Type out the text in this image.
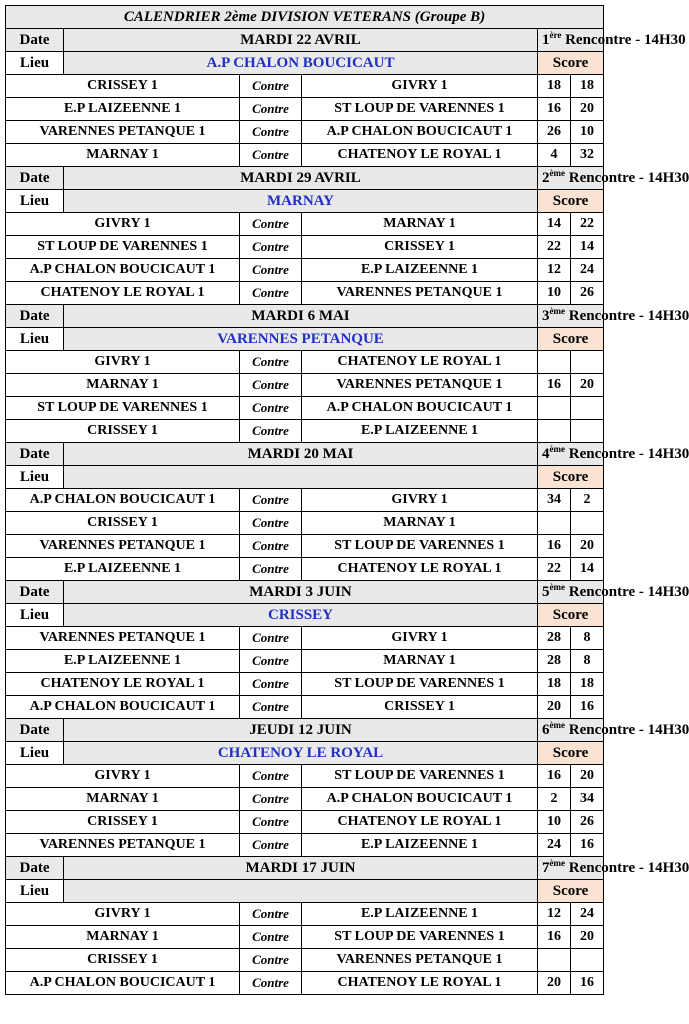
CALENDRIER 2ème DIVISION VETERANS (Groupe B)					
Date	MARDI 22 AVRIL			1ère Rencontre - 14H30	
Lieu	A.P CHALON BOUCICAUT			Score	
CRISSEY 1		Contre	GIVRY 1	18	18
E.P LAIZEENNE 1		Contre	ST LOUP DE VARENNES 1	16	20
VARENNES PETANQUE 1		Contre	A.P CHALON BOUCICAUT 1	26	10
MARNAY 1		Contre	CHATENOY LE ROYAL 1	4	32
Date	MARDI 29 AVRIL			2ème Rencontre - 14H30	
Lieu	MARNAY			Score	
GIVRY 1		Contre	MARNAY 1	14	22
ST LOUP DE VARENNES 1		Contre	CRISSEY 1	22	14
A.P CHALON BOUCICAUT 1		Contre	E.P LAIZEENNE 1	12	24
CHATENOY LE ROYAL 1		Contre	VARENNES PETANQUE 1	10	26
Date	MARDI 6 MAI			3ème Rencontre - 14H30	
Lieu	VARENNES PETANQUE			Score	
GIVRY 1		Contre	CHATENOY LE ROYAL 1		
MARNAY 1		Contre	VARENNES PETANQUE 1	16	20
ST LOUP DE VARENNES 1		Contre	A.P CHALON BOUCICAUT 1		
CRISSEY 1		Contre	E.P LAIZEENNE 1		
Date	MARDI 20 MAI			4ème Rencontre - 14H30	
Lieu				Score	
A.P CHALON BOUCICAUT 1		Contre	GIVRY 1	34	2
CRISSEY 1		Contre	MARNAY 1		
VARENNES PETANQUE 1		Contre	ST LOUP DE VARENNES 1	16	20
E.P LAIZEENNE 1		Contre	CHATENOY LE ROYAL 1	22	14
Date	MARDI 3 JUIN			5ème Rencontre - 14H30	
Lieu	CRISSEY			Score	
VARENNES PETANQUE 1		Contre	GIVRY 1	28	8
E.P LAIZEENNE 1		Contre	MARNAY 1	28	8
CHATENOY LE ROYAL 1		Contre	ST LOUP DE VARENNES 1	18	18
A.P CHALON BOUCICAUT 1		Contre	CRISSEY 1	20	16
Date	JEUDI 12 JUIN			6ème Rencontre - 14H30	
Lieu	CHATENOY LE ROYAL			Score	
GIVRY 1		Contre	ST LOUP DE VARENNES 1	16	20
MARNAY 1		Contre	A.P CHALON BOUCICAUT 1	2	34
CRISSEY 1		Contre	CHATENOY LE ROYAL 1	10	26
VARENNES PETANQUE 1		Contre	E.P LAIZEENNE 1	24	16
Date	MARDI 17 JUIN			7ème Rencontre - 14H30	
Lieu				Score	
GIVRY 1		Contre	E.P LAIZEENNE 1	12	24
MARNAY 1		Contre	ST LOUP DE VARENNES 1	16	20
CRISSEY 1		Contre	VARENNES PETANQUE 1		
A.P CHALON BOUCICAUT 1		Contre	CHATENOY LE ROYAL 1	20	16
